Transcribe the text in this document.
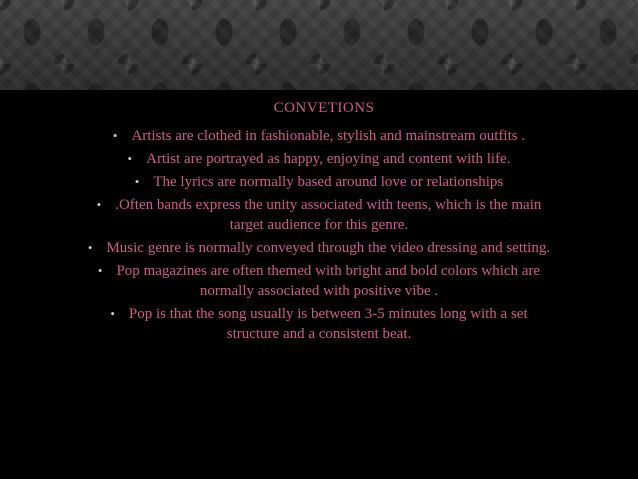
CONVETIONS
• Artists are clothed in fashionable, stylish and mainstream outfits .
• Artist are portrayed as happy, enjoying and content with life.
• The lyrics are normally based around love or relationships
• .Often bands express the unity associated with teens, which is the main
target audience for this genre.
• Music genre is normally conveyed through the video dressing and setting.
• Pop magazines are often themed with bright and bold colors which are
normally associated with positive vibe .
• Pop is that the song usually is between 3-5 minutes long with a set
structure and a consistent beat.
